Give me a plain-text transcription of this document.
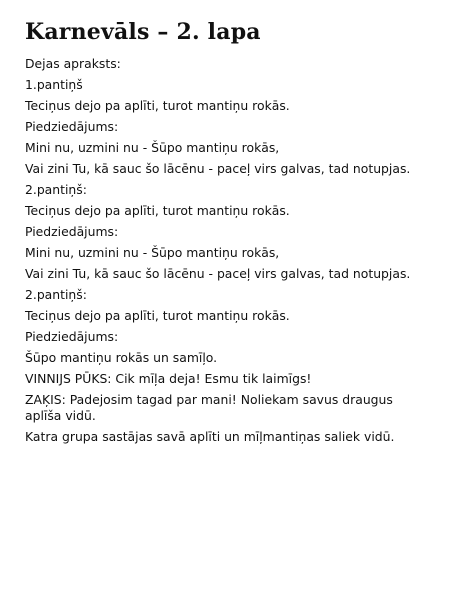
Karnevāls – 2. lapa

Dejas apraksts:

1.pantiņš

Teciņus dejo pa aplīti, turot mantiņu rokās.

Piedziedājums:

Mini nu, uzmini nu - Šūpo mantiņu rokās,

Vai zini Tu, kā sauc šo lācēnu - paceļ virs galvas, tad notupjas.

2.pantiņš:

Teciņus dejo pa aplīti, turot mantiņu rokās.

Piedziedājums:

Mini nu, uzmini nu - Šūpo mantiņu rokās,

Vai zini Tu, kā sauc šo lācēnu - paceļ virs galvas, tad notupjas.

2.pantiņš:

Teciņus dejo pa aplīti, turot mantiņu rokās.

Piedziedājums:

Šūpo mantiņu rokās un samīļo.

VINNIJS PŪKS: Cik mīļa deja! Esmu tik laimīgs!

ZAĶIS: Padejosim tagad par mani! Noliekam savus draugus aplīša vidū.

Katra grupa sastājas savā aplīti un mīļmantiņas saliek vidū.
